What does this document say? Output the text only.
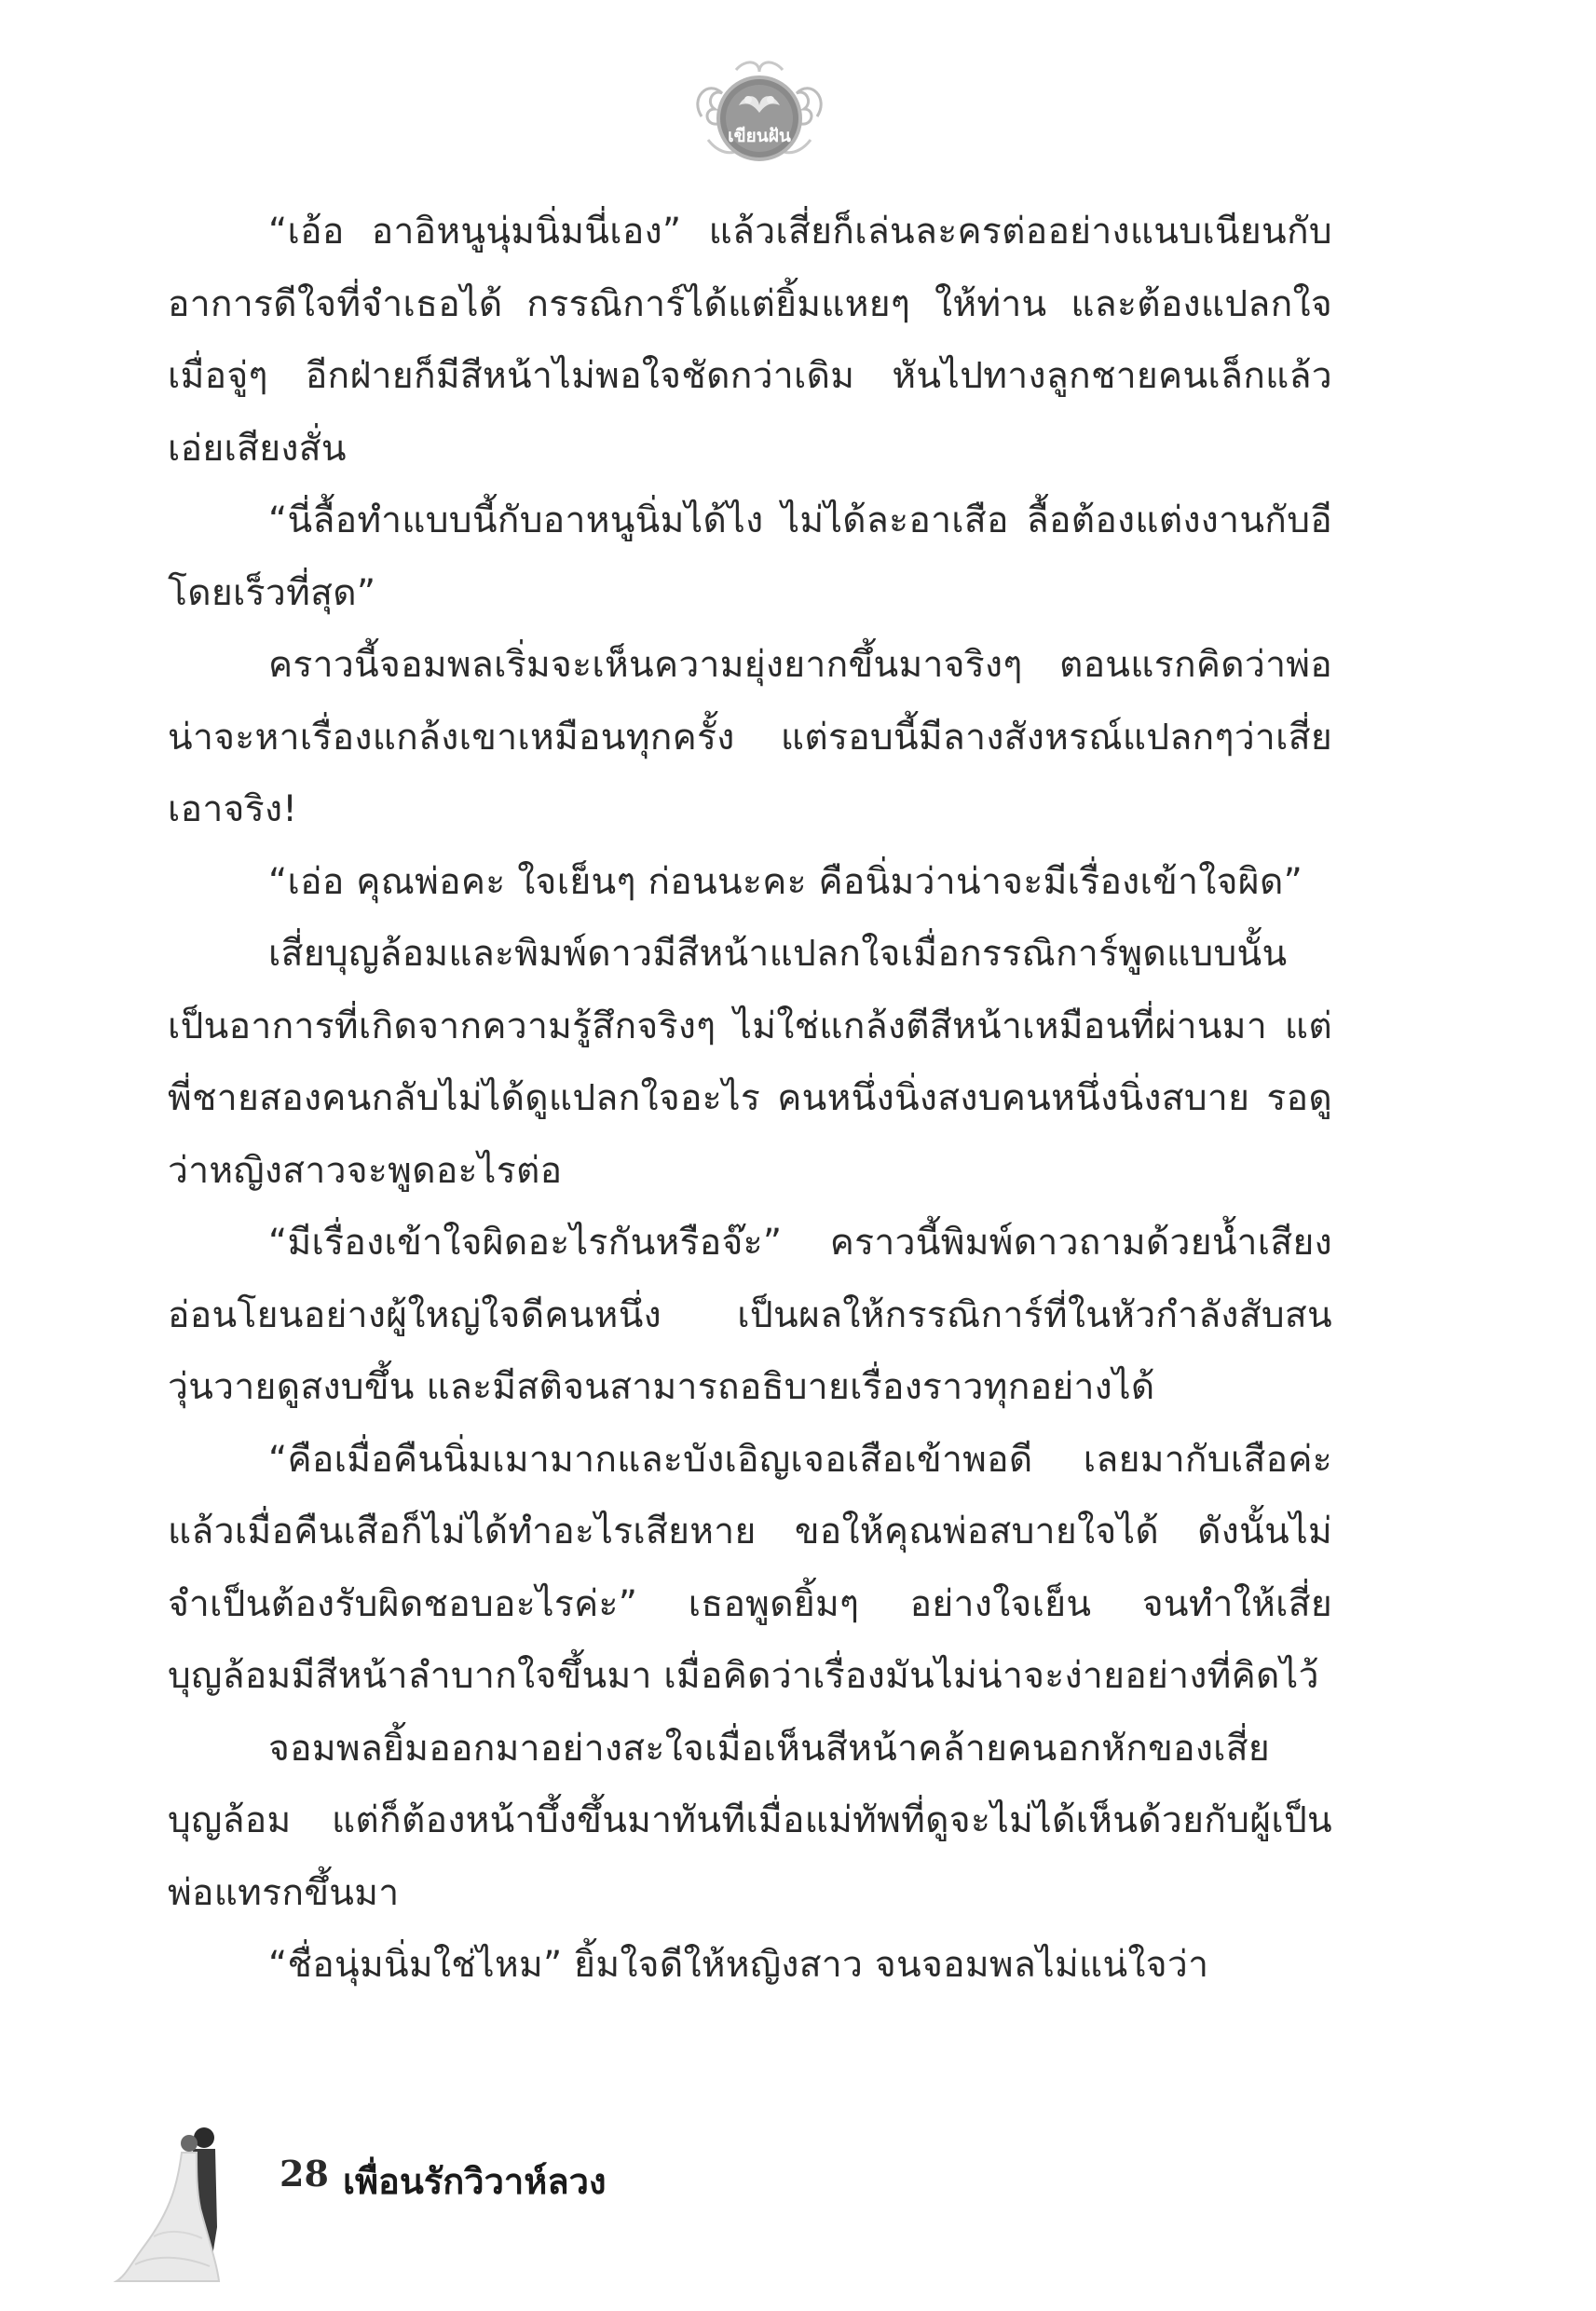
เขียนฝัน

“เอ้อ อาอิหนูนุ่มนิ่มนี่เอง” แล้วเสี่ยก็เล่นละครต่ออย่างแนบเนียนกับอาการดีใจที่จำเธอได้ กรรณิการ์ได้แต่ยิ้มแหยๆ ให้ท่าน และต้องแปลกใจเมื่อจู่ๆ อีกฝ่ายก็มีสีหน้าไม่พอใจชัดกว่าเดิม หันไปทางลูกชายคนเล็กแล้วเอ่ยเสียงสั่น

“นี่ลื้อทำแบบนี้กับอาหนูนิ่มได้ไง ไม่ได้ละอาเสือ ลื้อต้องแต่งงานกับอีโดยเร็วที่สุด”

คราวนี้จอมพลเริ่มจะเห็นความยุ่งยากขึ้นมาจริงๆ ตอนแรกคิดว่าพ่อน่าจะหาเรื่องแกล้งเขาเหมือนทุกครั้ง แต่รอบนี้มีลางสังหรณ์แปลกๆว่าเสี่ยเอาจริง!

“เอ่อ คุณพ่อคะ ใจเย็นๆ ก่อนนะคะ คือนิ่มว่าน่าจะมีเรื่องเข้าใจผิด”

เสี่ยบุญล้อมและพิมพ์ดาวมีสีหน้าแปลกใจเมื่อกรรณิการ์พูดแบบนั้น เป็นอาการที่เกิดจากความรู้สึกจริงๆ ไม่ใช่แกล้งตีสีหน้าเหมือนที่ผ่านมา แต่พี่ชายสองคนกลับไม่ได้ดูแปลกใจอะไร คนหนึ่งนิ่งสงบคนหนึ่งนิ่งสบาย รอดูว่าหญิงสาวจะพูดอะไรต่อ

“มีเรื่องเข้าใจผิดอะไรกันหรือจ๊ะ” คราวนี้พิมพ์ดาวถามด้วยน้ำเสียงอ่อนโยนอย่างผู้ใหญ่ใจดีคนหนึ่ง เป็นผลให้กรรณิการ์ที่ในหัวกำลังสับสนวุ่นวายดูสงบขึ้น และมีสติจนสามารถอธิบายเรื่องราวทุกอย่างได้

“คือเมื่อคืนนิ่มเมามากและบังเอิญเจอเสือเข้าพอดี เลยมากับเสือค่ะแล้วเมื่อคืนเสือก็ไม่ได้ทำอะไรเสียหาย ขอให้คุณพ่อสบายใจได้ ดังนั้นไม่จำเป็นต้องรับผิดชอบอะไรค่ะ” เธอพูดยิ้มๆ อย่างใจเย็น จนทำให้เสี่ยบุญล้อมมีสีหน้าลำบากใจขึ้นมา เมื่อคิดว่าเรื่องมันไม่น่าจะง่ายอย่างที่คิดไว้

จอมพลยิ้มออกมาอย่างสะใจเมื่อเห็นสีหน้าคล้ายคนอกหักของเสี่ยบุญล้อม แต่ก็ต้องหน้าบึ้งขึ้นมาทันทีเมื่อแม่ทัพที่ดูจะไม่ได้เห็นด้วยกับผู้เป็นพ่อแทรกขึ้นมา

“ชื่อนุ่มนิ่มใช่ไหม” ยิ้มใจดีให้หญิงสาว จนจอมพลไม่แน่ใจว่า

28 เพื่อนรักวิวาห์ลวง
